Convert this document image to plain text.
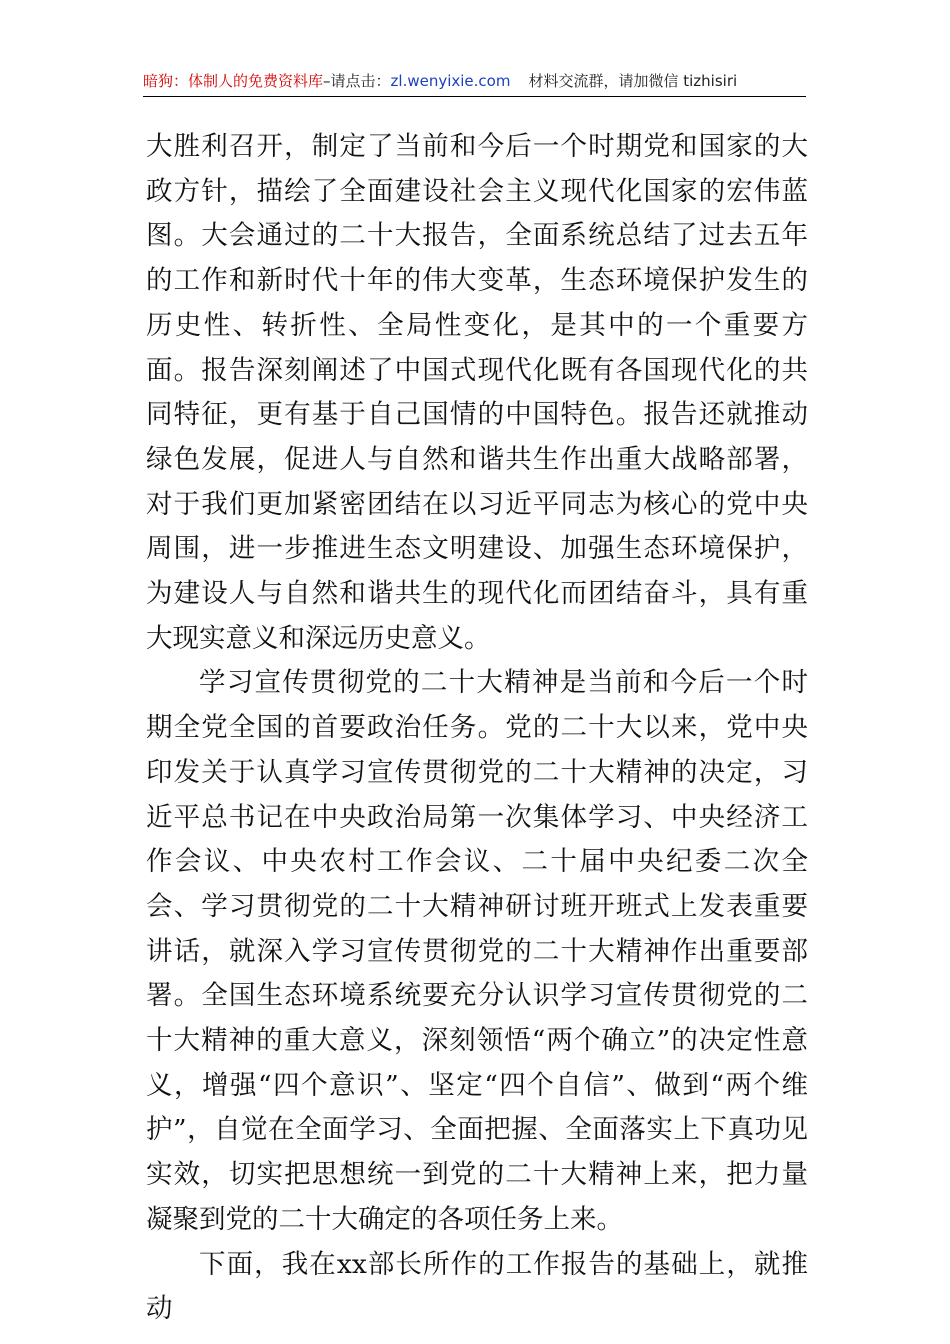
暗狗：体制人的免费资料库–请点击：zl.wenyixie.com 材料交流群，请加微信 tizhisiri

大胜利召开，制定了当前和今后一个时期党和国家的大政方针，描绘了全面建设社会主义现代化国家的宏伟蓝图。大会通过的二十大报告，全面系统总结了过去五年的工作和新时代十年的伟大变革，生态环境保护发生的历史性、转折性、全局性变化，是其中的一个重要方面。报告深刻阐述了中国式现代化既有各国现代化的共同特征，更有基于自己国情的中国特色。报告还就推动绿色发展，促进人与自然和谐共生作出重大战略部署，对于我们更加紧密团结在以习近平同志为核心的党中央周围，进一步推进生态文明建设、加强生态环境保护，为建设人与自然和谐共生的现代化而团结奋斗，具有重大现实意义和深远历史意义。

学习宣传贯彻党的二十大精神是当前和今后一个时期全党全国的首要政治任务。党的二十大以来，党中央印发关于认真学习宣传贯彻党的二十大精神的决定，习近平总书记在中央政治局第一次集体学习、中央经济工作会议、中央农村工作会议、二十届中央纪委二次全会、学习贯彻党的二十大精神研讨班开班式上发表重要讲话，就深入学习宣传贯彻党的二十大精神作出重要部署。全国生态环境系统要充分认识学习宣传贯彻党的二十大精神的重大意义，深刻领悟“两个确立”的决定性意义，增强“四个意识”、坚定“四个自信”、做到“两个维护”，自觉在全面学习、全面把握、全面落实上下真功见实效，切实把思想统一到党的二十大精神上来，把力量凝聚到党的二十大确定的各项任务上来。

下面，我在xx部长所作的工作报告的基础上，就推动
